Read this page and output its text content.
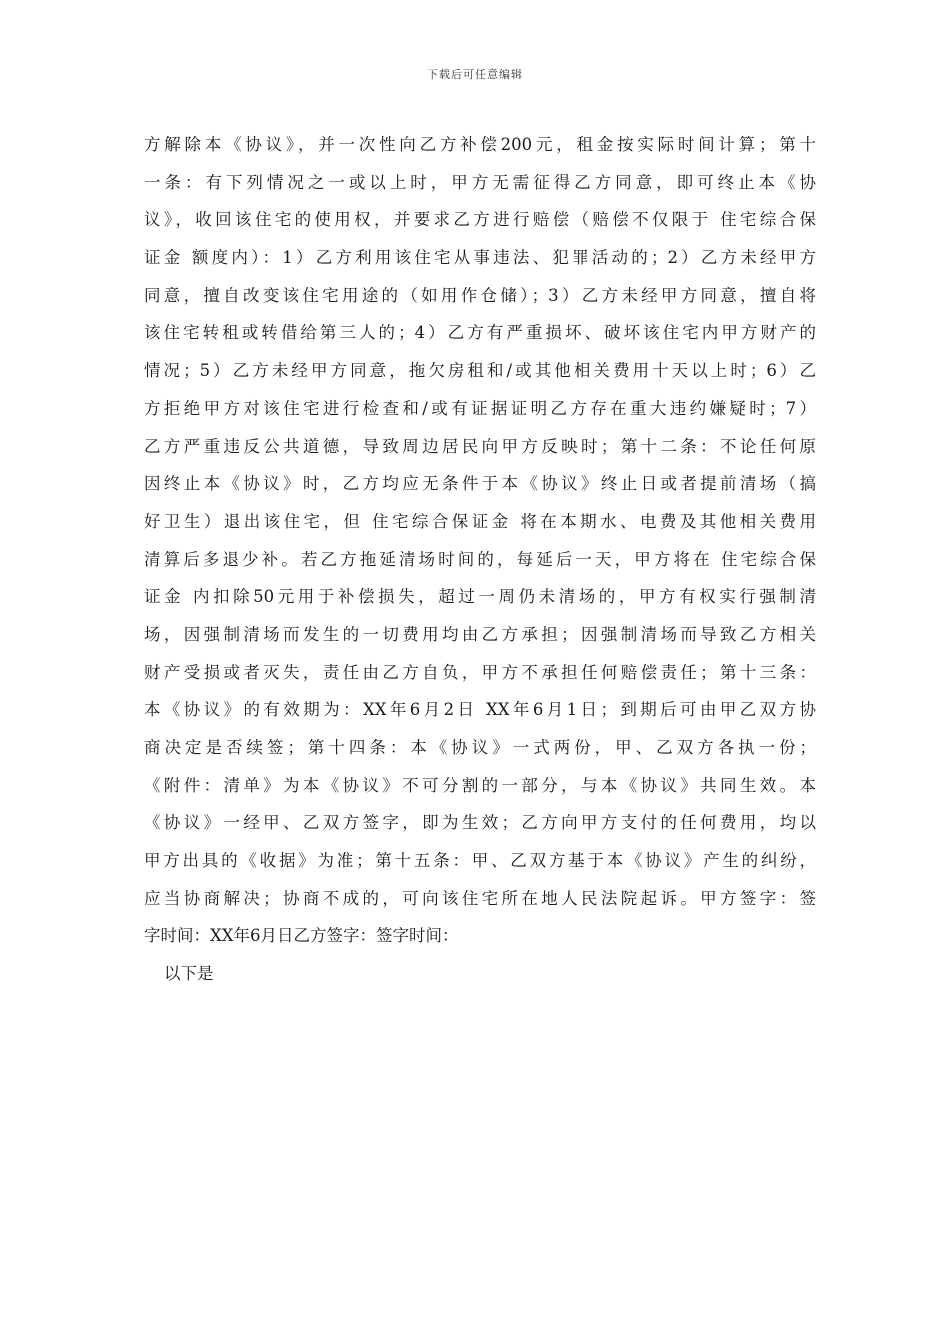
下载后可任意编辑
方解除本《协议》，并一次性向乙方补偿200元，租金按实际时间计算；第十
一条：有下列情况之一或以上时，甲方无需征得乙方同意，即可终止本《协
议》，收回该住宅的使用权，并要求乙方进行赔偿（赔偿不仅限于 住宅综合保
证金 额度内）：1）乙方利用该住宅从事违法、犯罪活动的；2）乙方未经甲方
同意，擅自改变该住宅用途的（如用作仓储）；3）乙方未经甲方同意，擅自将
该住宅转租或转借给第三人的；4）乙方有严重损坏、破坏该住宅内甲方财产的
情况；5）乙方未经甲方同意，拖欠房租和/或其他相关费用十天以上时；6）乙
方拒绝甲方对该住宅进行检查和/或有证据证明乙方存在重大违约嫌疑时；7）
乙方严重违反公共道德，导致周边居民向甲方反映时；第十二条：不论任何原
因终止本《协议》时，乙方均应无条件于本《协议》终止日或者提前清场（搞
好卫生）退出该住宅，但 住宅综合保证金 将在本期水、电费及其他相关费用
清算后多退少补。若乙方拖延清场时间的，每延后一天，甲方将在 住宅综合保
证金 内扣除50元用于补偿损失，超过一周仍未清场的，甲方有权实行强制清
场，因强制清场而发生的一切费用均由乙方承担；因强制清场而导致乙方相关
财产受损或者灭失，责任由乙方自负，甲方不承担任何赔偿责任；第十三条：
本《协议》的有效期为：XX年6月2日 XX年6月1日；到期后可由甲乙双方协
商决定是否续签；第十四条：本《协议》一式两份，甲、乙双方各执一份；
《附件：清单》为本《协议》不可分割的一部分，与本《协议》共同生效。本
《协议》一经甲、乙双方签字，即为生效；乙方向甲方支付的任何费用，均以
甲方出具的《收据》为准；第十五条：甲、乙双方基于本《协议》产生的纠纷，
应当协商解决；协商不成的，可向该住宅所在地人民法院起诉。甲方签字：签
字时间：XX年6月日乙方签字：签字时间：
以下是
